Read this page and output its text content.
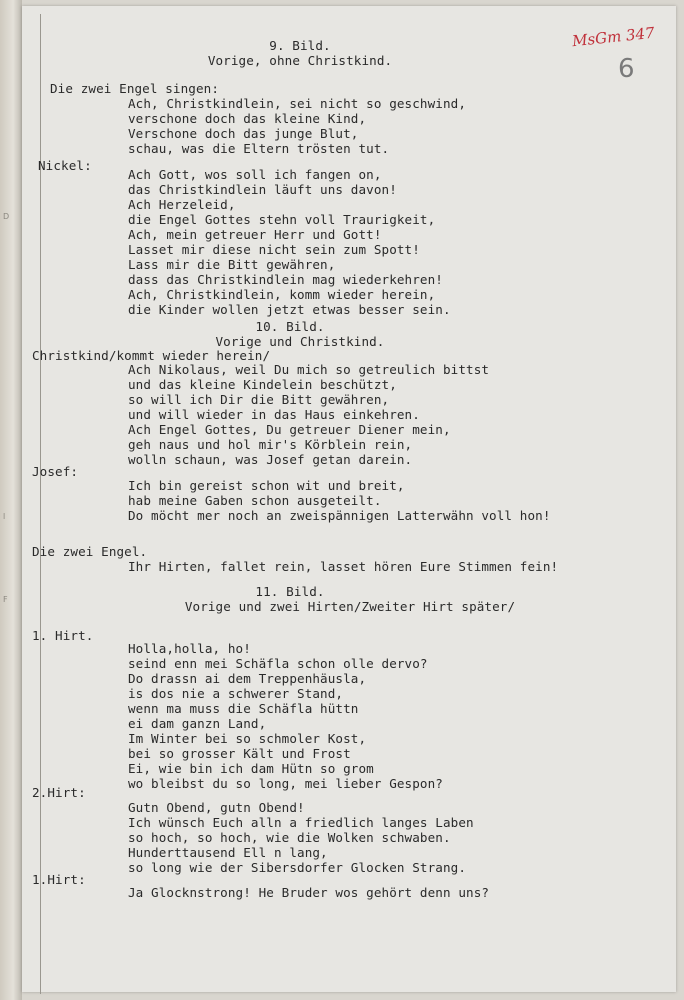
D
l
F
MsGm 347
6
9. Bild.
Vorige, ohne Christkind.
Die zwei Engel singen:
Ach, Christkindlein, sei nicht so geschwind,
verschone doch das kleine Kind,
Verschone doch das junge Blut,
schau, was die Eltern trösten tut.
Nickel:
Ach Gott, wos soll ich fangen on,
das Christkindlein läuft uns davon!
Ach Herzeleid,
die Engel Gottes stehn voll Traurigkeit,
Ach, mein getreuer Herr und Gott!
Lasset mir diese nicht sein zum Spott!
Lass mir die Bitt gewähren,
dass das Christkindlein mag wiederkehren!
Ach, Christkindlein, komm wieder herein,
die Kinder wollen jetzt etwas besser sein.
10. Bild.
Vorige und Christkind.
Christkind/kommt wieder herein/
Ach Nikolaus, weil Du mich so getreulich bittst
und das kleine Kindelein beschützt,
so will ich Dir die Bitt gewähren,
und will wieder in das Haus einkehren.
Ach Engel Gottes, Du getreuer Diener mein,
geh naus und hol mir's Körblein rein,
wolln schaun, was Josef getan darein.
Josef:
Ich bin gereist schon wit und breit,
hab meine Gaben schon ausgeteilt.
Do möcht mer noch an zweispännigen Latterwähn voll hon!
Die zwei Engel.
Ihr Hirten, fallet rein, lasset hören Eure Stimmen fein!
11. Bild.
Vorige und zwei Hirten/Zweiter Hirt später/
1. Hirt.
Holla,holla, ho!
seind enn mei Schäfla schon olle dervo?
Do drassn ai dem Treppenhäusla,
is dos nie a schwerer Stand,
wenn ma muss die Schäfla hüttn
ei dam ganzn Land,
Im Winter bei so schmoler Kost,
bei so grosser Kält und Frost
Ei, wie bin ich dam Hütn so grom
wo bleibst du so long, mei lieber Gespon?
2.Hirt:
Gutn Obend, gutn Obend!
Ich wünsch Euch alln a friedlich langes Laben
so hoch, so hoch, wie die Wolken schwaben.
Hunderttausend Ell n lang,
so long wie der Sibersdorfer Glocken Strang.
1.Hirt:
Ja Glocknstrong! He Bruder wos gehört denn uns?
